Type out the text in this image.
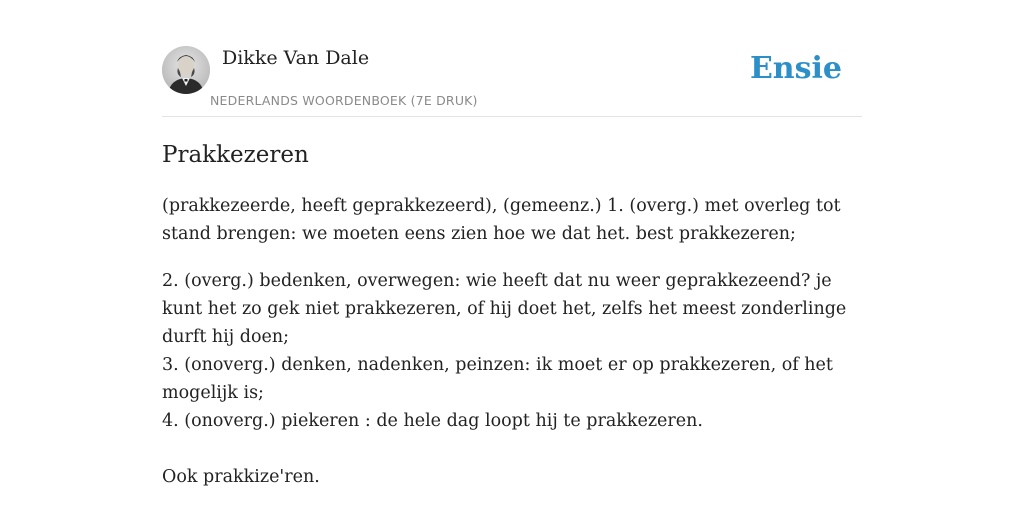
Dikke Van Dale
NEDERLANDS WOORDENBOEK (7E DRUK)
Ensie
Prakkezeren

(prakkezeerde, heeft geprakkezeerd), (gemeenz.) 1. (overg.) met overleg tot stand brengen: we moeten eens zien hoe we dat het. best prakkezeren;

2. (overg.) bedenken, overwegen: wie heeft dat nu weer geprakkezeend? je kunt het zo gek niet prakkezeren, of hij doet het, zelfs het meest zonderlinge durft hij doen;
3. (onoverg.) denken, nadenken, peinzen: ik moet er op prakkezeren, of het mogelijk is;
4. (onoverg.) piekeren : de hele dag loopt hij te prakkezeren.
Ook prakkize'ren.
